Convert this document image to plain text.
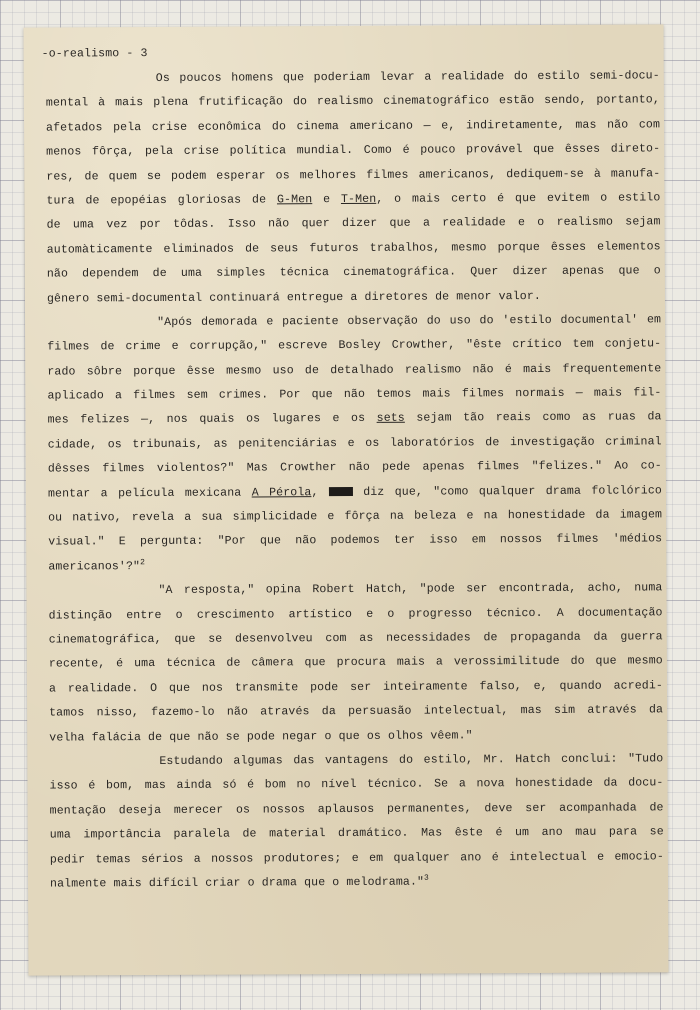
-o-realismo - 3
Os poucos homens que poderiam levar a realidade do estilo semi-docu-
mental à mais plena frutificação do realismo cinematográfico estão sendo, portanto,
afetados pela crise econômica do cinema americano — e, indiretamente, mas não com
menos fôrça, pela crise política mundial. Como é pouco provável que êsses direto-
res, de quem se podem esperar os melhores filmes americanos, dediquem-se à manufa-
tura de epopéias gloriosas de G-Men e T-Men, o mais certo é que evitem o estilo
de uma vez por tôdas. Isso não quer dizer que a realidade e o realismo sejam
automàticamente eliminados de seus futuros trabalhos, mesmo porque êsses elementos
não dependem de uma simples técnica cinematográfica. Quer dizer apenas que o
gênero semi-documental continuará entregue a diretores de menor valor.
"Após demorada e paciente observação do uso do 'estilo documental' em
filmes de crime e corrupção," escreve Bosley Crowther, "êste crítico tem conjetu-
rado sôbre porque êsse mesmo uso de detalhado realismo não é mais frequentemente
aplicado a filmes sem crimes. Por que não temos mais filmes normais — mais fil-
mes felizes —, nos quais os lugares e os sets sejam tão reais como as ruas da
cidade, os tribunais, as penitenciárias e os laboratórios de investigação criminal
dêsses filmes violentos?" Mas Crowther não pede apenas filmes "felizes." Ao co-
mentar a película mexicana A Pérola,  diz que, "como qualquer drama folclórico
ou nativo, revela a sua simplicidade e fôrça na beleza e na honestidade da imagem
visual." E pergunta: "Por que não podemos ter isso em nossos filmes 'médios
americanos'?"$^2$
"A resposta," opina Robert Hatch, "pode ser encontrada, acho, numa
distinção entre o crescimento artístico e o progresso técnico. A documentação
cinematográfica, que se desenvolveu com as necessidades de propaganda da guerra
recente, é uma técnica de câmera que procura mais a verossimilitude do que mesmo
a realidade. O que nos transmite pode ser inteiramente falso, e, quando acredi-
tamos nisso, fazemo-lo não através da persuasão intelectual, mas sim através da
velha falácia de que não se pode negar o que os olhos vêem."
Estudando algumas das vantagens do estilo, Mr. Hatch conclui: "Tudo
isso é bom, mas ainda só é bom no nível técnico. Se a nova honestidade da docu-
mentação deseja merecer os nossos aplausos permanentes, deve ser acompanhada de
uma importância paralela de material dramático. Mas êste é um ano mau para se
pedir temas sérios a nossos produtores; e em qualquer ano é intelectual e emocio-
nalmente mais difícil criar o drama que o melodrama."$^3$
